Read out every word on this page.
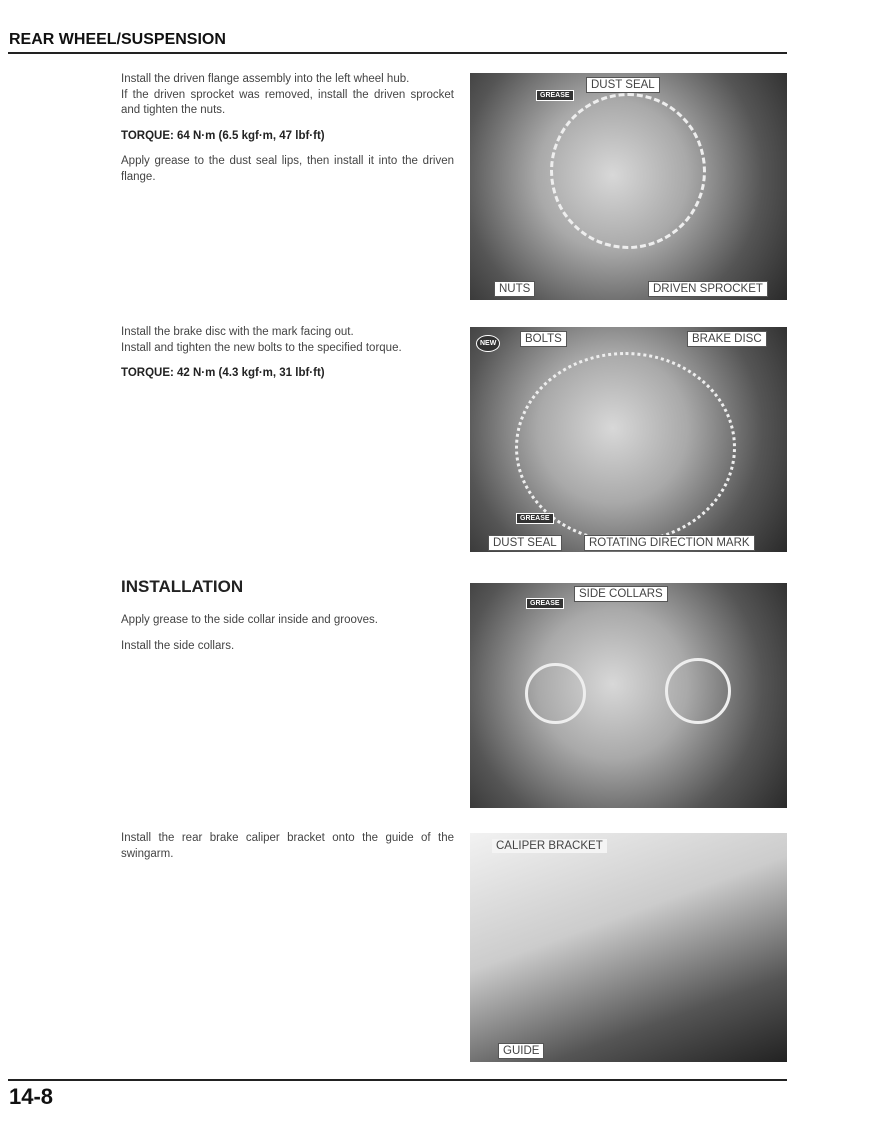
REAR WHEEL/SUSPENSION

Install the driven flange assembly into the left wheel hub.

If the driven sprocket was removed, install the driven sprocket and tighten the nuts.

TORQUE: 64 N·m (6.5 kgf·m, 47 lbf·ft)

Apply grease to the dust seal lips, then install it into the driven flange.

GREASE
DUST SEAL
NUTS	DRIVEN SPROCKET

Install the brake disc with the mark facing out.

Install and tighten the new bolts to the specified torque.

TORQUE: 42 N·m (4.3 kgf·m, 31 lbf·ft)

NEW	BOLTS	BRAKE DISC
GREASE
DUST SEAL	ROTATING DIRECTION MARK
INSTALLATION

Apply grease to the side collar inside and grooves.

Install the side collars.

GREASE
SIDE COLLARS

Install the rear brake caliper bracket onto the guide of the swingarm.

CALIPER BRACKET
GUIDE
14-8
